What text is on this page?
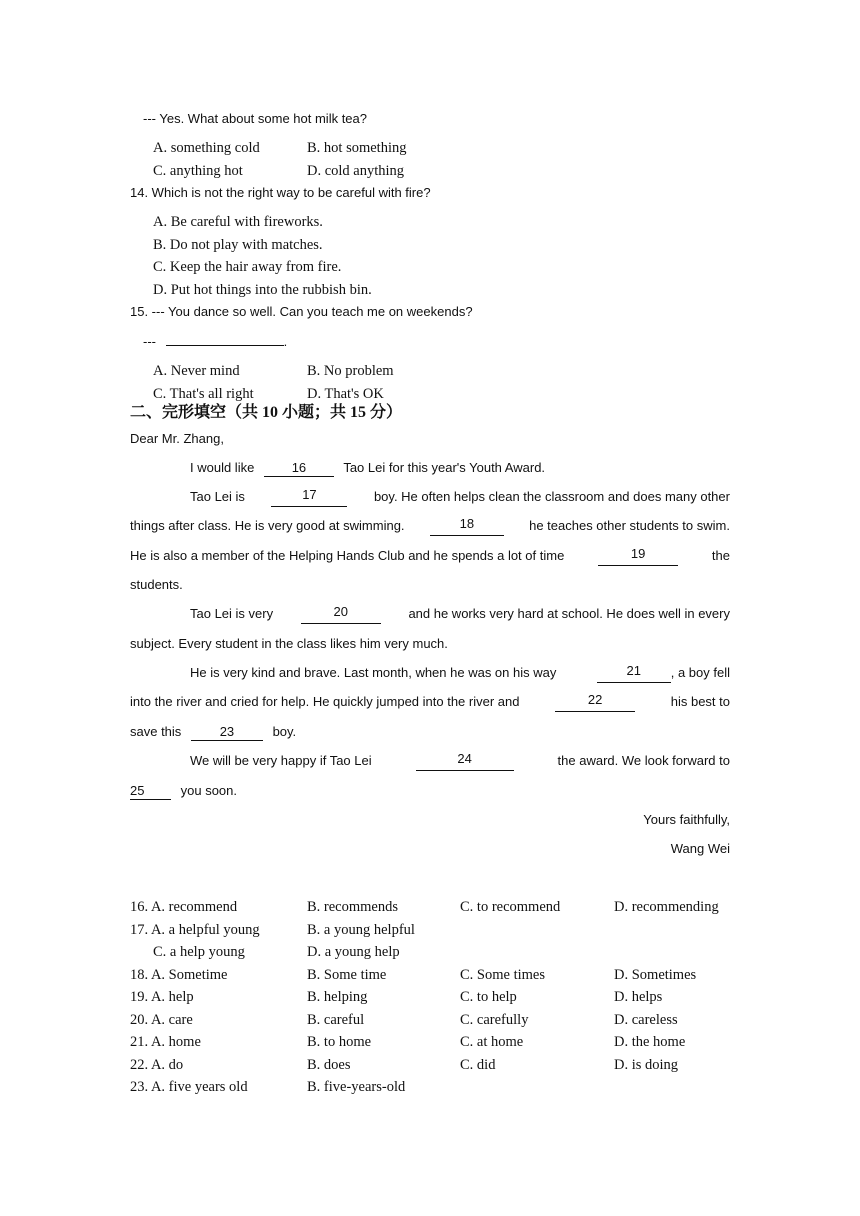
--- Yes. What about some hot milk tea?
A. something cold	B. hot something
C. anything hot	D. cold anything
14. Which is not the right way to be careful with fire?
A. Be careful with fireworks.
B. Do not play with matches.
C. Keep the hair away from fire.
D. Put hot things into the rubbish bin.
15. --- You dance so well. Can you teach me on weekends?
---	.
A. Never mind	B. No problem
C. That's all right	D. That's OK
二、完形填空（共 10 小题；共 15 分）
Dear Mr. Zhang,
I would like	16	Tao Lei for this year's Youth Award.
Tao Lei is	17	boy. He often helps clean the classroom and does many other
things after class. He is very good at swimming.	18	he teaches other students to swim.
He is also a member of the Helping Hands Club and he spends a lot of time	19	the
students.
Tao Lei is very	20	and he works very hard at school. He does well in every
subject. Every student in the class likes him very much.
He is very kind and brave. Last month, when he was on his way	21	, a boy fell
into the river and cried for help. He quickly jumped into the river and	22	his best to
save this	23	boy.
We will be very happy if Tao Lei	24	the award. We look forward to
25	you soon.
Yours faithfully,
Wang Wei
16. A. recommend	B. recommends	C. to recommend	D. recommending
17. A. a helpful young	B. a young helpful
C. a help young	D. a young help
18. A. Sometime	B. Some time	C. Some times	D. Sometimes
19. A. help	B. helping	C. to help	D. helps
20. A. care	B. careful	C. carefully	D. careless
21. A. home	B. to home	C. at home	D. the home
22. A. do	B. does	C. did	D. is doing
23. A. five years old	B. five-years-old
